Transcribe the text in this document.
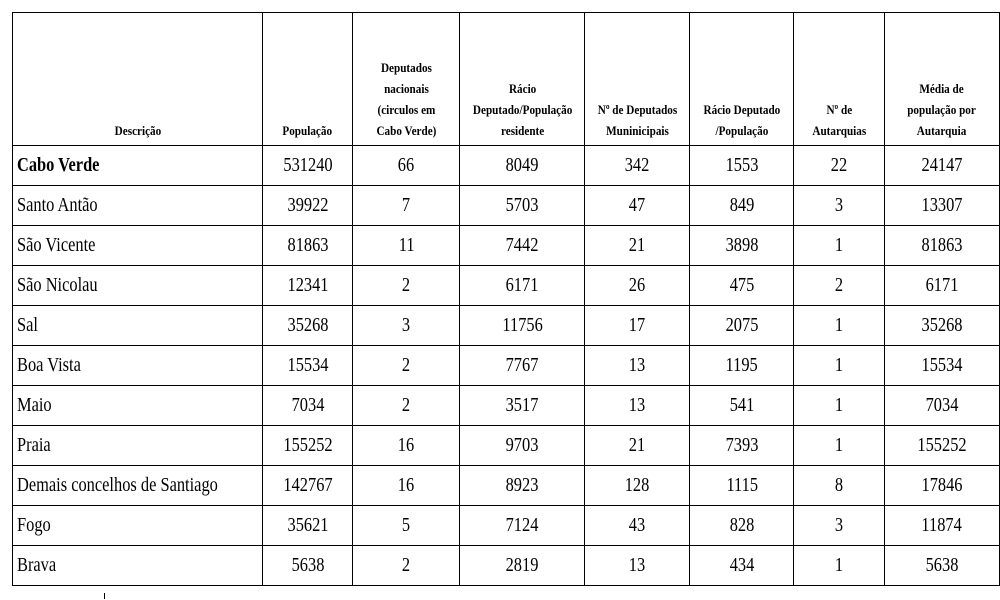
Descrição	População	Deputados
nacionais
(circulos em
Cabo Verde)	Rácio
Deputado/População
residente	Nº de Deputados
Muninicipais	Rácio Deputado
/População	Nº de
Autarquias	Média de
população por
Autarquia

Cabo Verde	531240	66	8049	342	1553	22	24147
Santo Antão	39922	7	5703	47	849	3	13307
São Vicente	81863	11	7442	21	3898	1	81863
São Nicolau	12341	2	6171	26	475	2	6171
Sal	35268	3	11756	17	2075	1	35268
Boa Vista	15534	2	7767	13	1195	1	15534
Maio	7034	2	3517	13	541	1	7034
Praia	155252	16	9703	21	7393	1	155252
Demais concelhos de Santiago	142767	16	8923	128	1115	8	17846
Fogo	35621	5	7124	43	828	3	11874
Brava	5638	2	2819	13	434	1	5638
